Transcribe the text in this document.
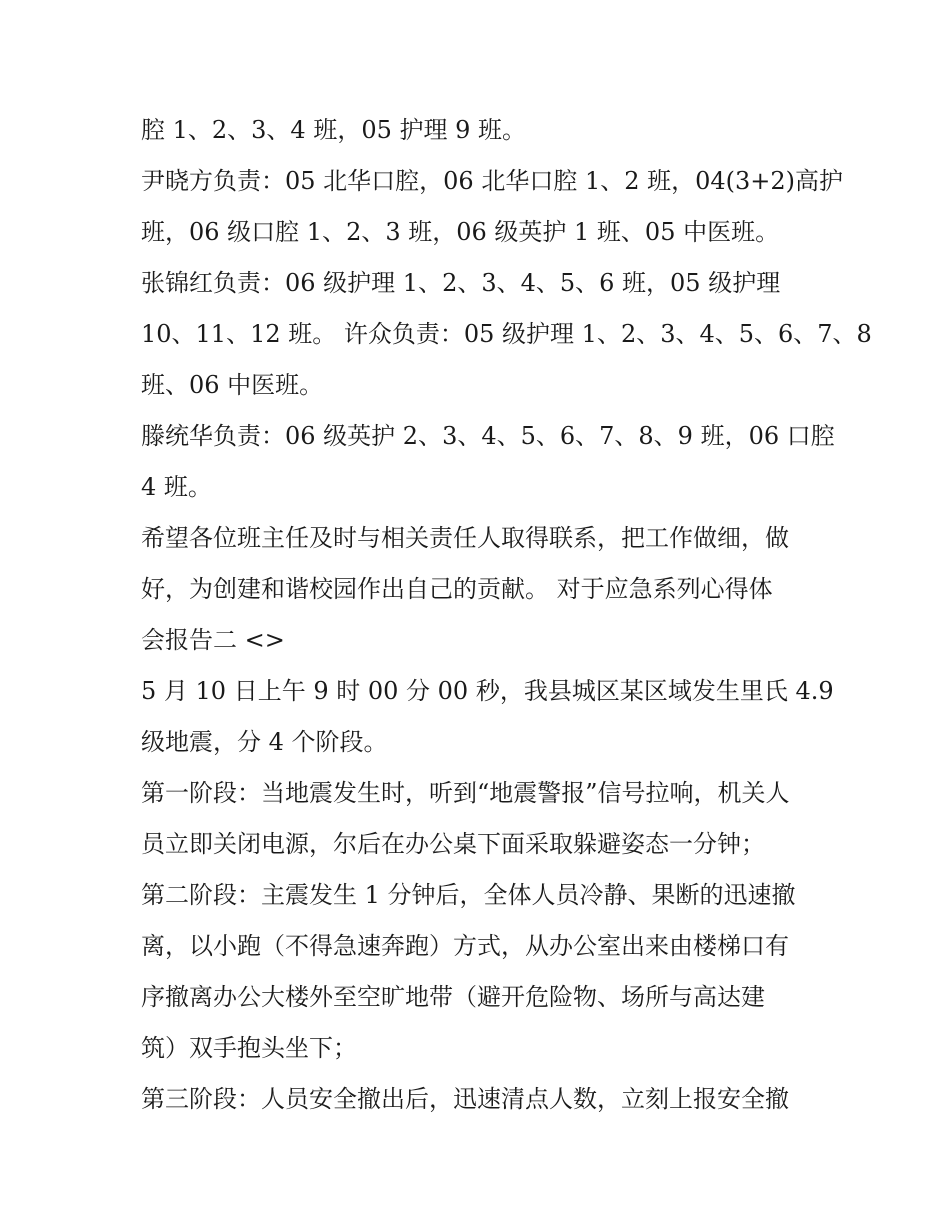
腔 1、2、3、4 班，05 护理 9 班。

尹晓方负责：05 北华口腔，06 北华口腔 1、2 班，04(3+2)高护

班，06 级口腔 1、2、3 班，06 级英护 1 班、05 中医班。

张锦红负责：06 级护理 1、2、3、4、5、6 班，05 级护理

10、11、12 班。 许众负责：05 级护理 1、2、3、4、5、6、7、8

班、06 中医班。

滕统华负责：06 级英护 2、3、4、5、6、7、8、9 班，06 口腔

4 班。

希望各位班主任及时与相关责任人取得联系，把工作做细，做

好，为创建和谐校园作出自己的贡献。 对于应急系列心得体

会报告二 <>

5 月 10 日上午 9 时 00 分 00 秒，我县城区某区域发生里氏 4.9

级地震，分 4 个阶段。

第一阶段：当地震发生时，听到“地震警报”信号拉响，机关人

员立即关闭电源，尔后在办公桌下面采取躲避姿态一分钟；

第二阶段：主震发生 1 分钟后，全体人员冷静、果断的迅速撤

离，以小跑（不得急速奔跑）方式，从办公室出来由楼梯口有

序撤离办公大楼外至空旷地带（避开危险物、场所与高达建

筑）双手抱头坐下；

第三阶段：人员安全撤出后，迅速清点人数，立刻上报安全撤
